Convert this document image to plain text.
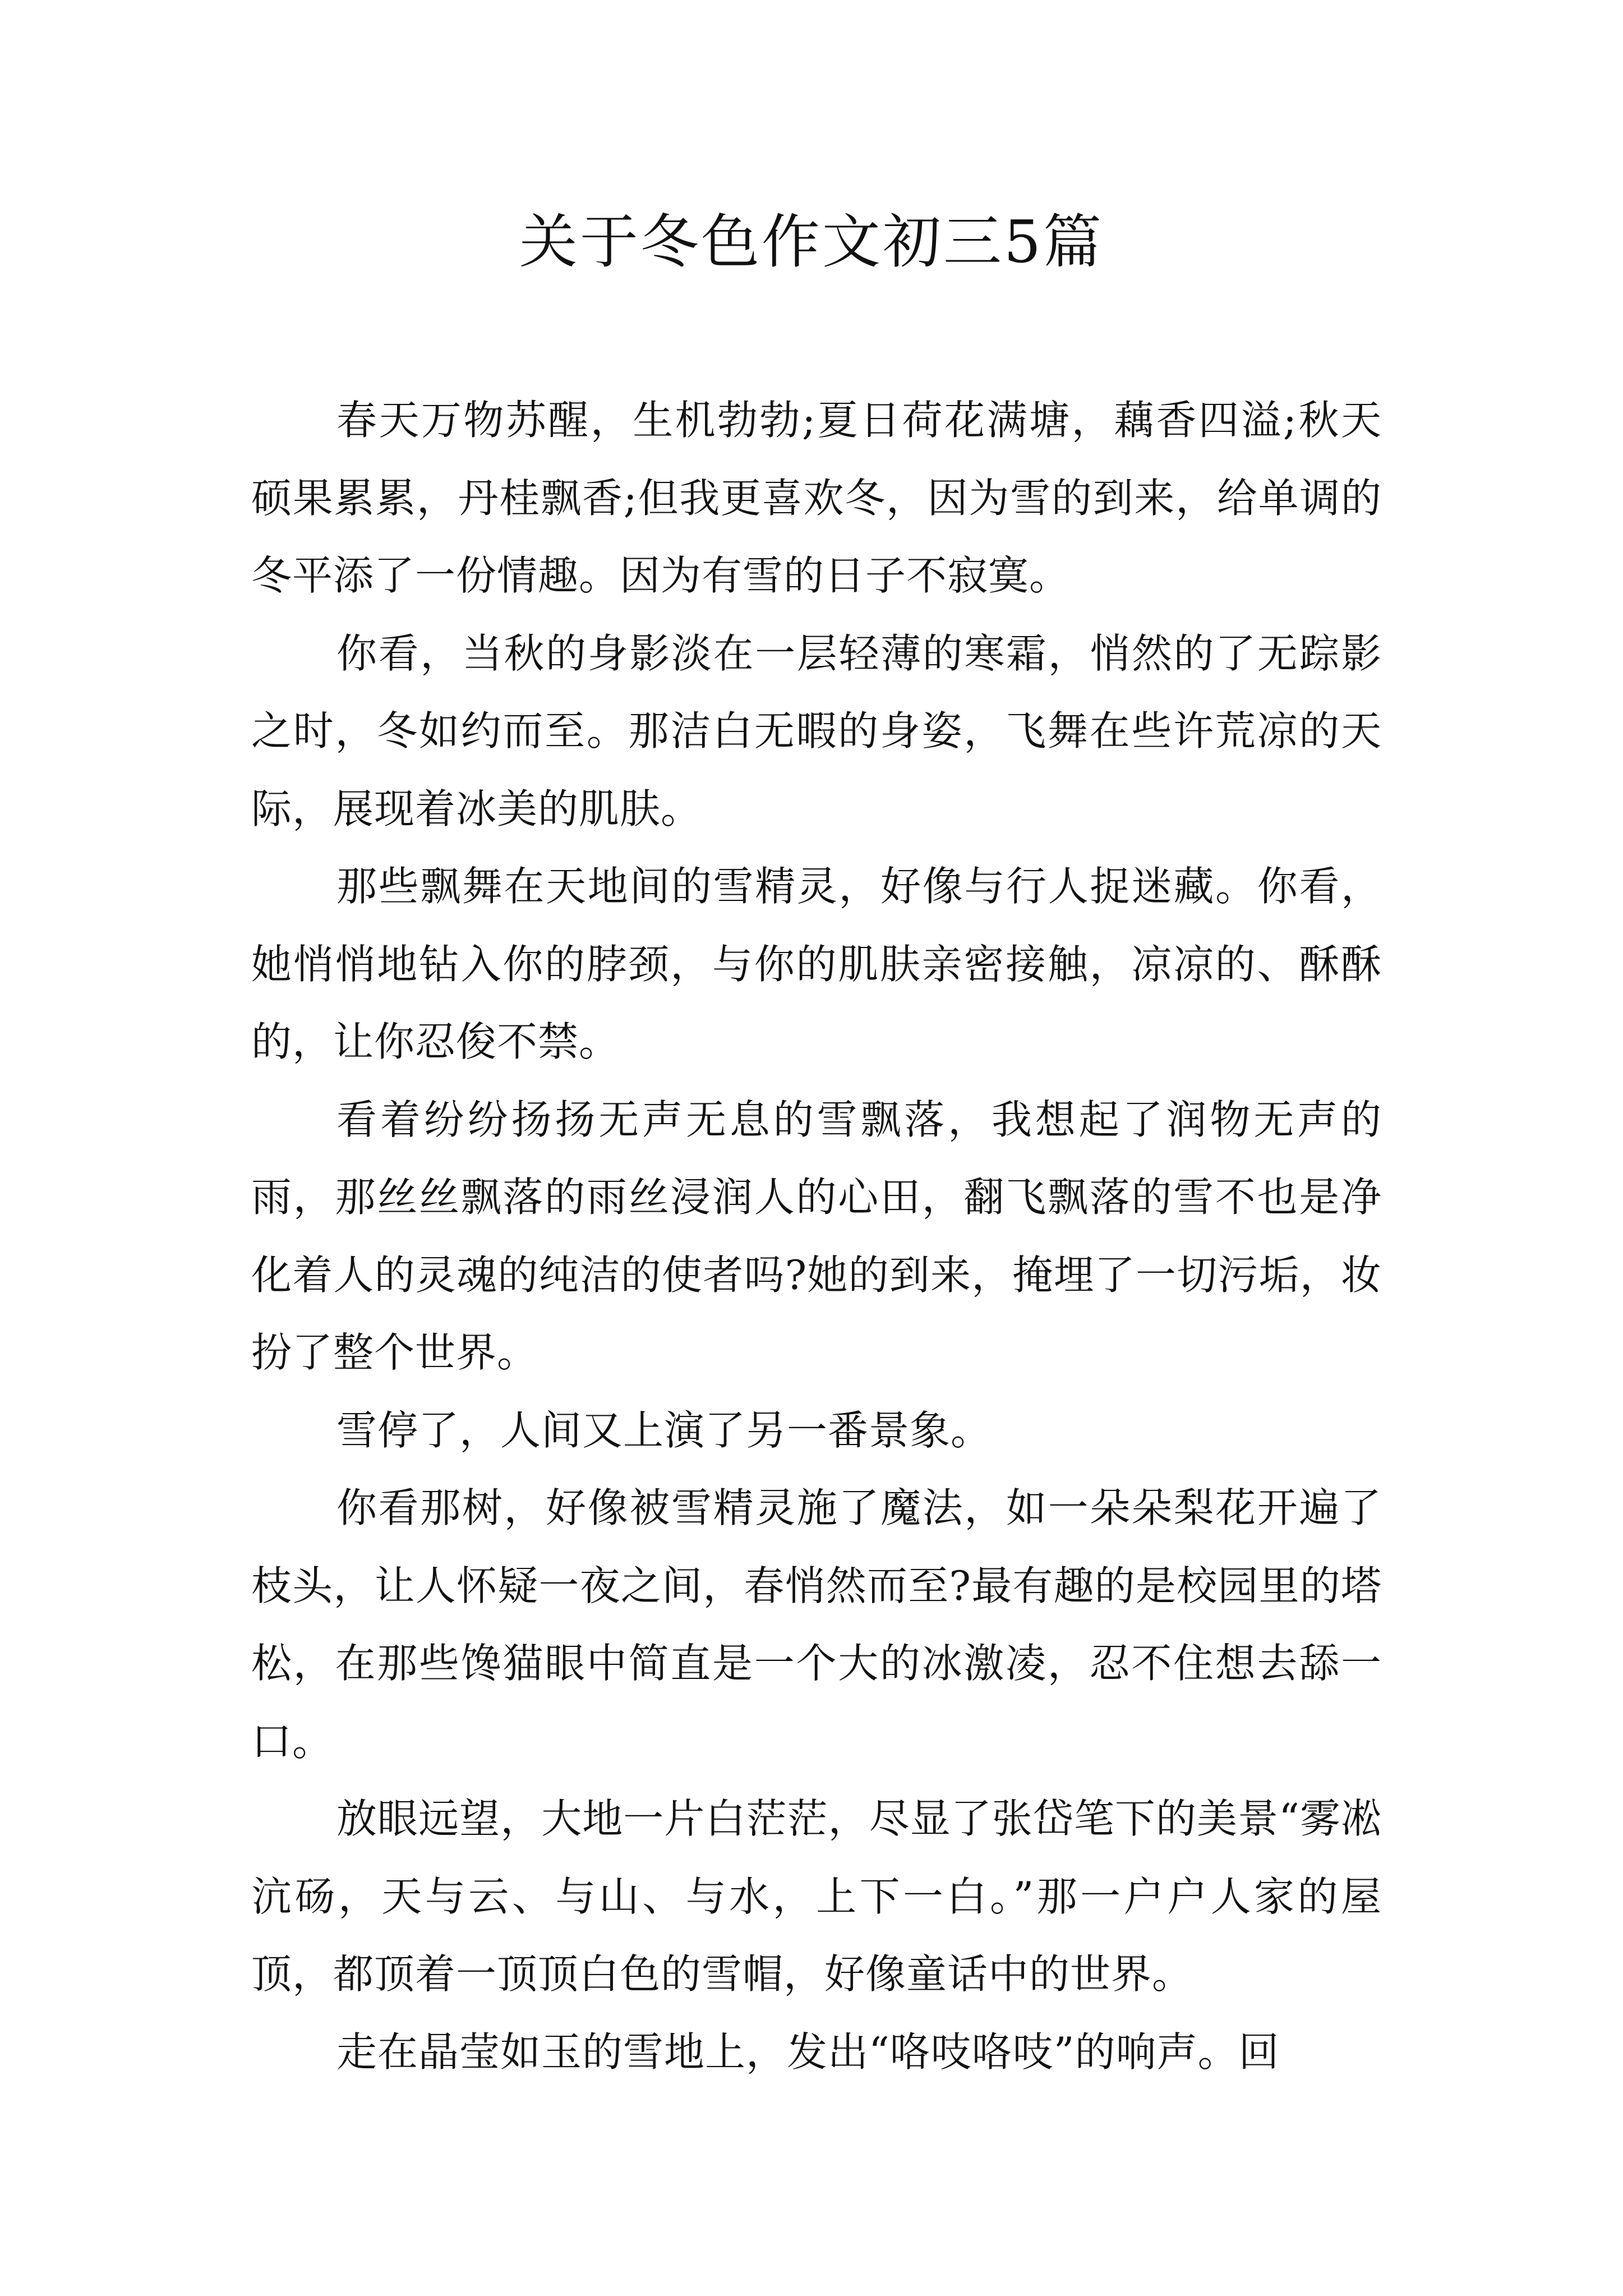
关于冬色作文初三5篇

春天万物苏醒，生机勃勃;夏日荷花满塘，藕香四溢;秋天硕果累累，丹桂飘香;但我更喜欢冬，因为雪的到来，给单调的冬平添了一份情趣。因为有雪的日子不寂寞。

你看，当秋的身影淡在一层轻薄的寒霜，悄然的了无踪影之时，冬如约而至。那洁白无暇的身姿，飞舞在些许荒凉的天际，展现着冰美的肌肤。

那些飘舞在天地间的雪精灵，好像与行人捉迷藏。你看，她悄悄地钻入你的脖颈，与你的肌肤亲密接触，凉凉的、酥酥的，让你忍俊不禁。

看着纷纷扬扬无声无息的雪飘落，我想起了润物无声的雨，那丝丝飘落的雨丝浸润人的心田，翻飞飘落的雪不也是净化着人的灵魂的纯洁的使者吗?她的到来，掩埋了一切污垢，妆扮了整个世界。

雪停了，人间又上演了另一番景象。

你看那树，好像被雪精灵施了魔法，如一朵朵梨花开遍了枝头，让人怀疑一夜之间，春悄然而至?最有趣的是校园里的塔松，在那些馋猫眼中简直是一个大的冰激凌，忍不住想去舔一口。

放眼远望，大地一片白茫茫，尽显了张岱笔下的美景“雾凇沆砀，天与云、与山、与水，上下一白。”那一户户人家的屋顶，都顶着一顶顶白色的雪帽，好像童话中的世界。

走在晶莹如玉的雪地上，发出“咯吱咯吱”的响声。回
